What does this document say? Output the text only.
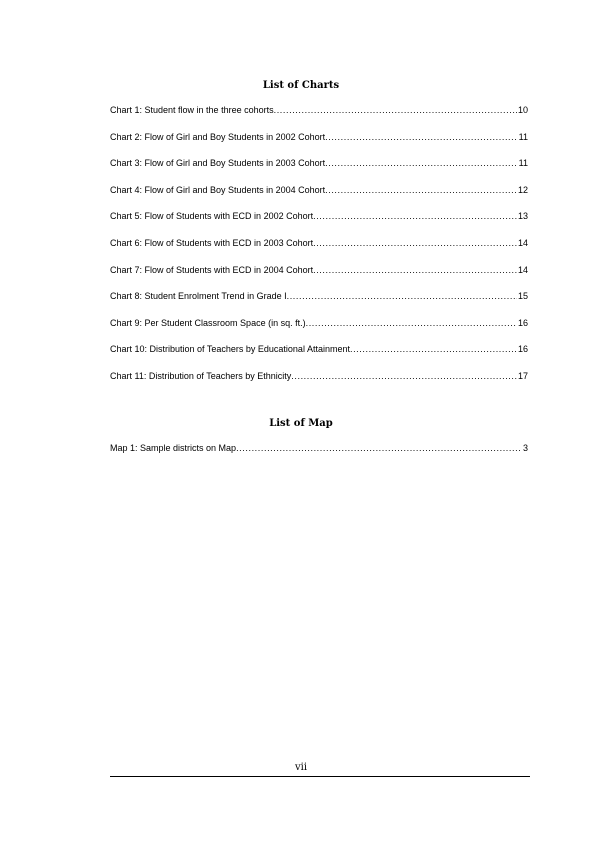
List of Charts
Chart 1: Student flow in the three cohorts .....	10
Chart 2: Flow of Girl and Boy Students in 2002 Cohort .....	11
Chart 3: Flow of Girl and Boy Students in 2003 Cohort .....	11
Chart 4: Flow of Girl and Boy Students in 2004 Cohort .....	12
Chart 5: Flow of Students with ECD in 2002 Cohort .....	13
Chart 6: Flow of Students with ECD in 2003 Cohort .....	14
Chart 7: Flow of Students with ECD in 2004 Cohort .....	14
Chart 8: Student Enrolment Trend in Grade I .....	15
Chart 9: Per Student Classroom Space (in sq. ft.) .....	16
Chart 10: Distribution of Teachers by Educational Attainment .....	16
Chart 11: Distribution of Teachers by Ethnicity .....	17
List of Map
Map 1: Sample districts on Map .....	3

vii
